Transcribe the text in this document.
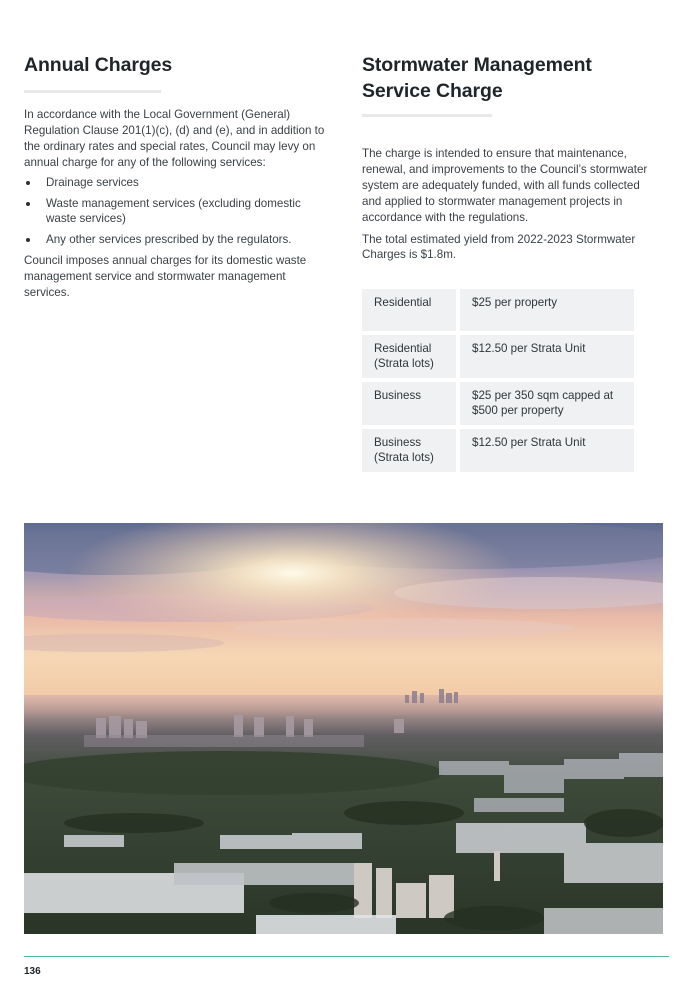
Annual Charges

In accordance with the Local Government (General) Regulation Clause 201(1)(c), (d) and (e), and in addition to the ordinary rates and special rates, Council may levy on annual charge for any of the following services:

Drainage services
Waste management services (excluding domestic waste services)
Any other services prescribed by the regulators.

Council imposes annual charges for its domestic waste management service and stormwater management services.

Stormwater Management
Service Charge

The charge is intended to ensure that maintenance, renewal, and improvements to the Council’s stormwater system are adequately funded, with all funds collected and applied to stormwater management projects in accordance with the regulations.

The total estimated yield from 2022-2023 Stormwater Charges is $1.8m.

Residential	$25 per property
Residential (Strata lots)	$12.50 per Strata Unit
Business	$25 per 350 sqm capped at $500 per property
Business (Strata lots)	$12.50 per Strata Unit
136
